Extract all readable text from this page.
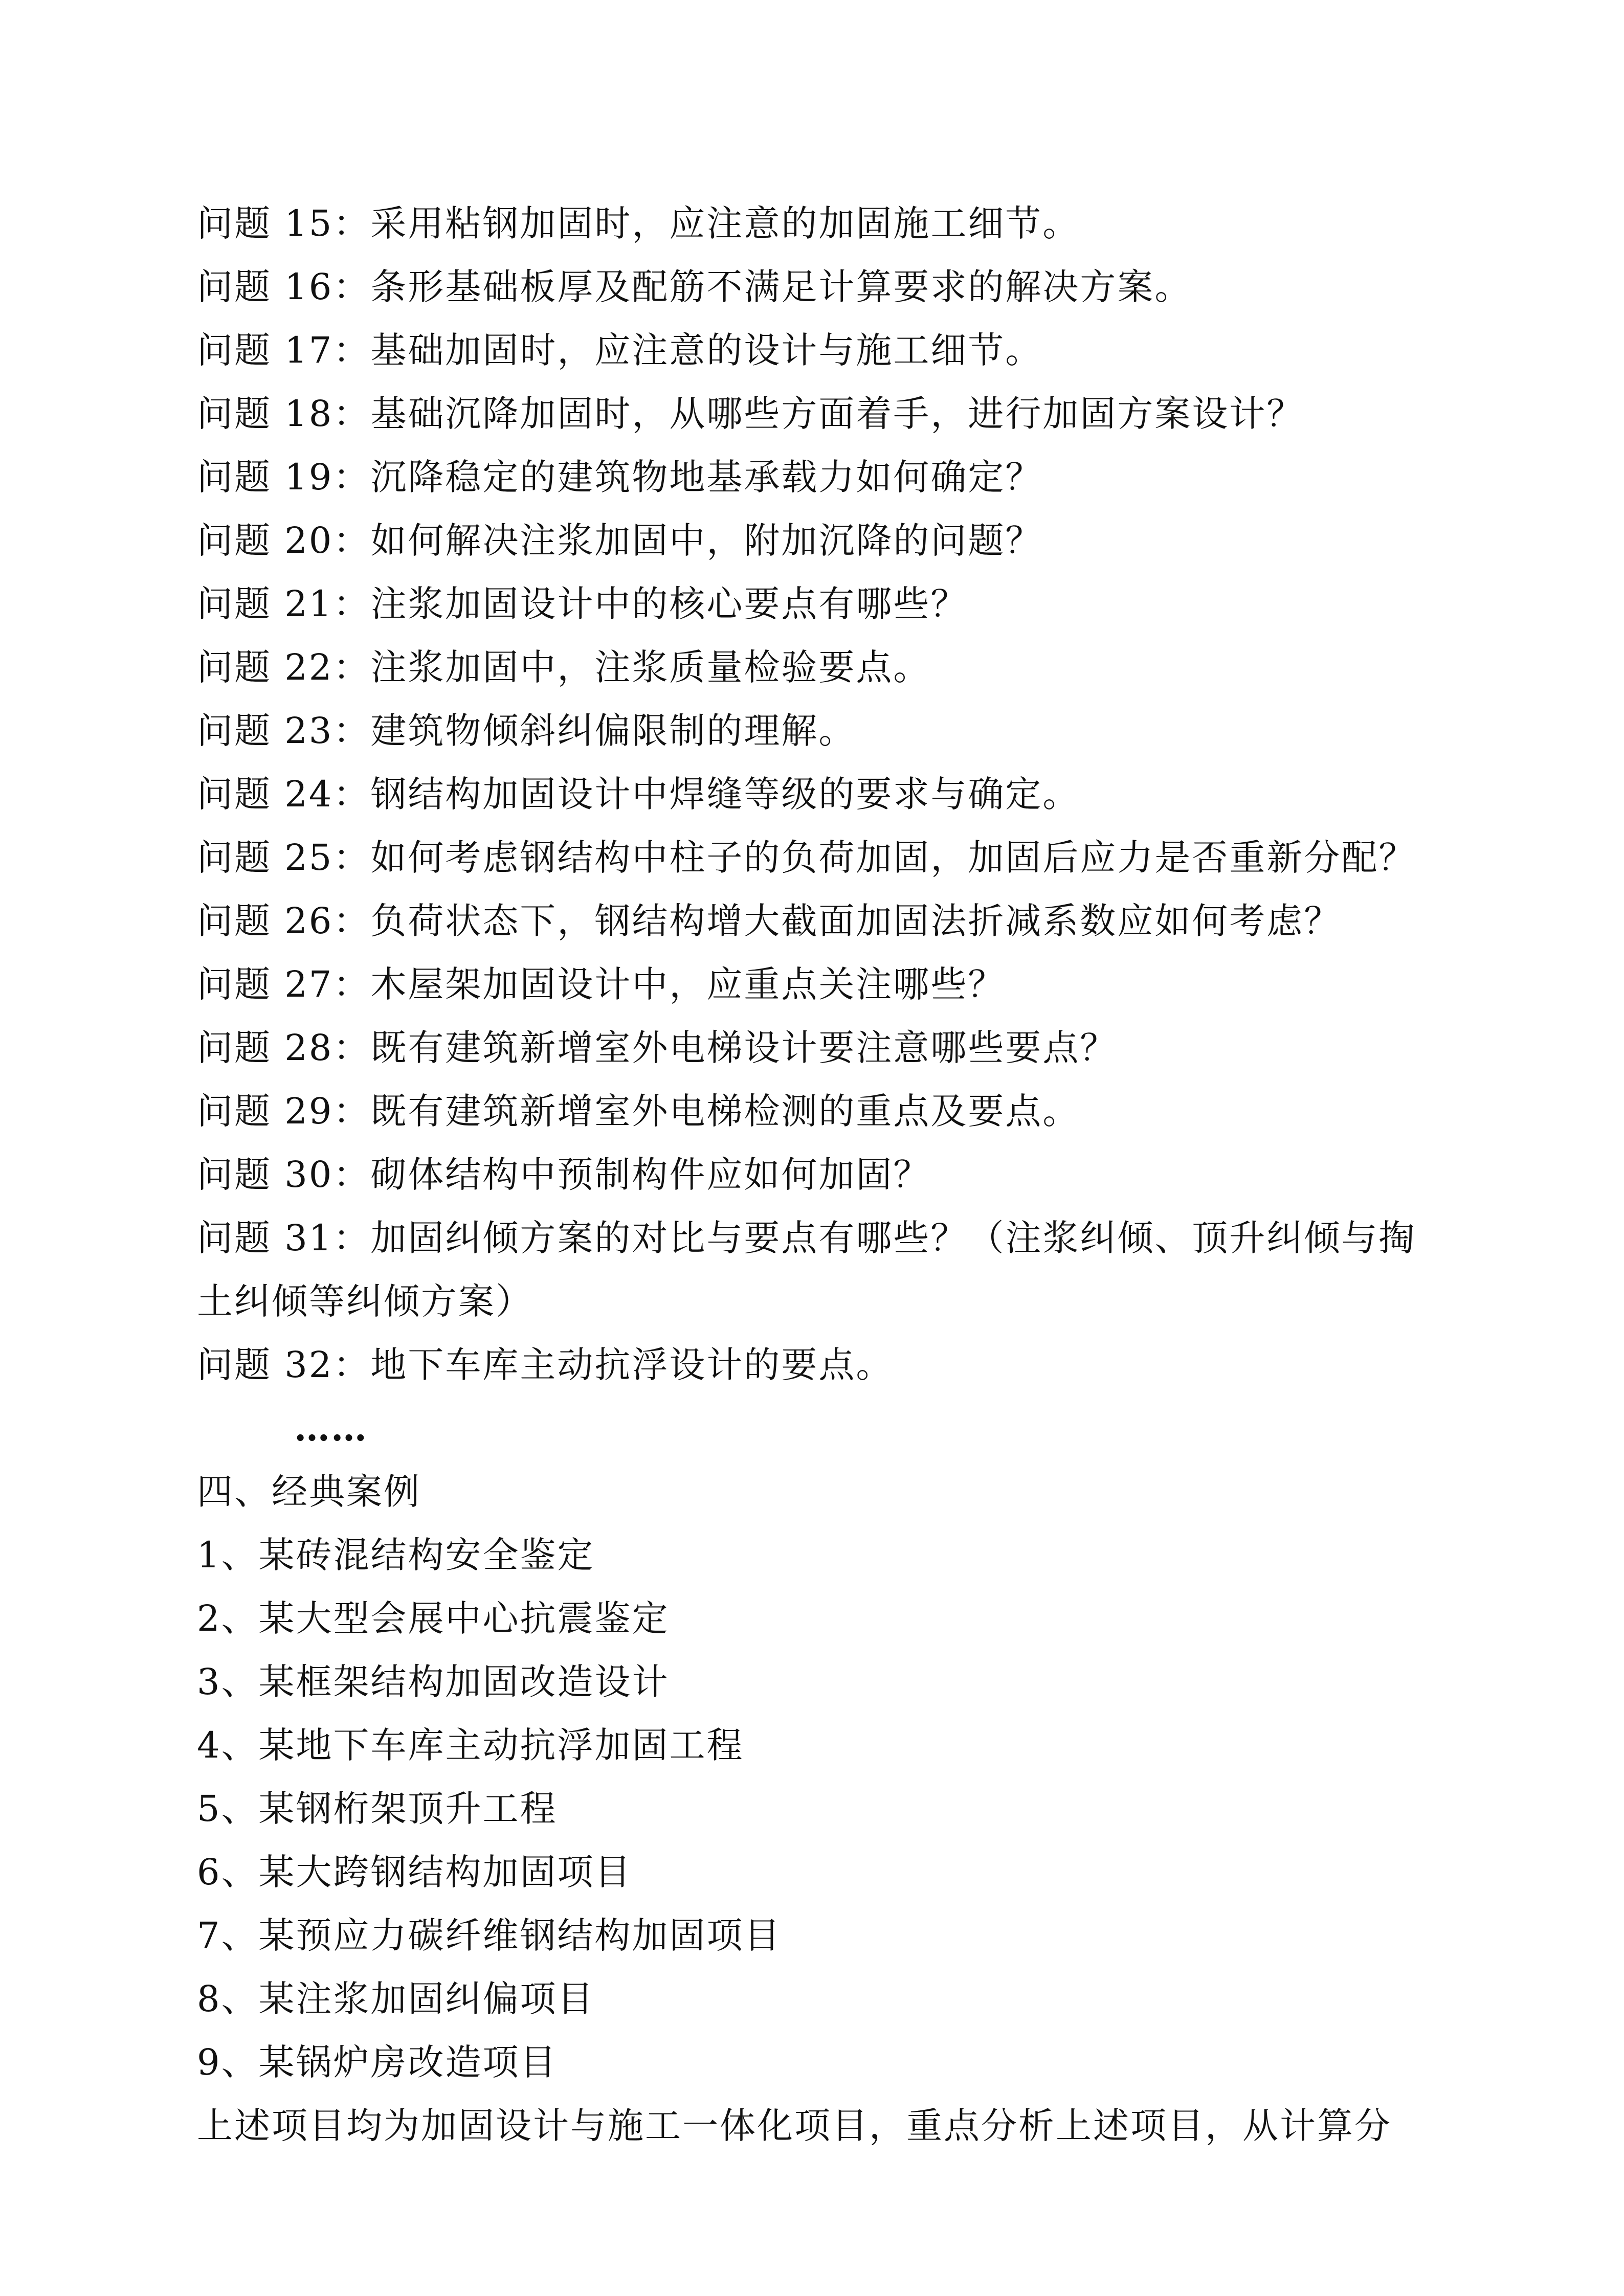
问题 15：采用粘钢加固时，应注意的加固施工细节。
问题 16：条形基础板厚及配筋不满足计算要求的解决方案。
问题 17：基础加固时，应注意的设计与施工细节。
问题 18：基础沉降加固时，从哪些方面着手，进行加固方案设计？
问题 19：沉降稳定的建筑物地基承载力如何确定？
问题 20：如何解决注浆加固中，附加沉降的问题？
问题 21：注浆加固设计中的核心要点有哪些？
问题 22：注浆加固中，注浆质量检验要点。
问题 23：建筑物倾斜纠偏限制的理解。
问题 24：钢结构加固设计中焊缝等级的要求与确定。
问题 25：如何考虑钢结构中柱子的负荷加固，加固后应力是否重新分配？
问题 26：负荷状态下，钢结构增大截面加固法折减系数应如何考虑？
问题 27：木屋架加固设计中，应重点关注哪些？
问题 28：既有建筑新增室外电梯设计要注意哪些要点？
问题 29：既有建筑新增室外电梯检测的重点及要点。
问题 30：砌体结构中预制构件应如何加固？
问题 31：加固纠倾方案的对比与要点有哪些？（注浆纠倾、顶升纠倾与掏土纠倾等纠倾方案）
问题 32：地下车库主动抗浮设计的要点。
……
四、经典案例
1、某砖混结构安全鉴定
2、某大型会展中心抗震鉴定
3、某框架结构加固改造设计
4、某地下车库主动抗浮加固工程
5、某钢桁架顶升工程
6、某大跨钢结构加固项目
7、某预应力碳纤维钢结构加固项目
8、某注浆加固纠偏项目
9、某锅炉房改造项目
上述项目均为加固设计与施工一体化项目，重点分析上述项目，从计算分
